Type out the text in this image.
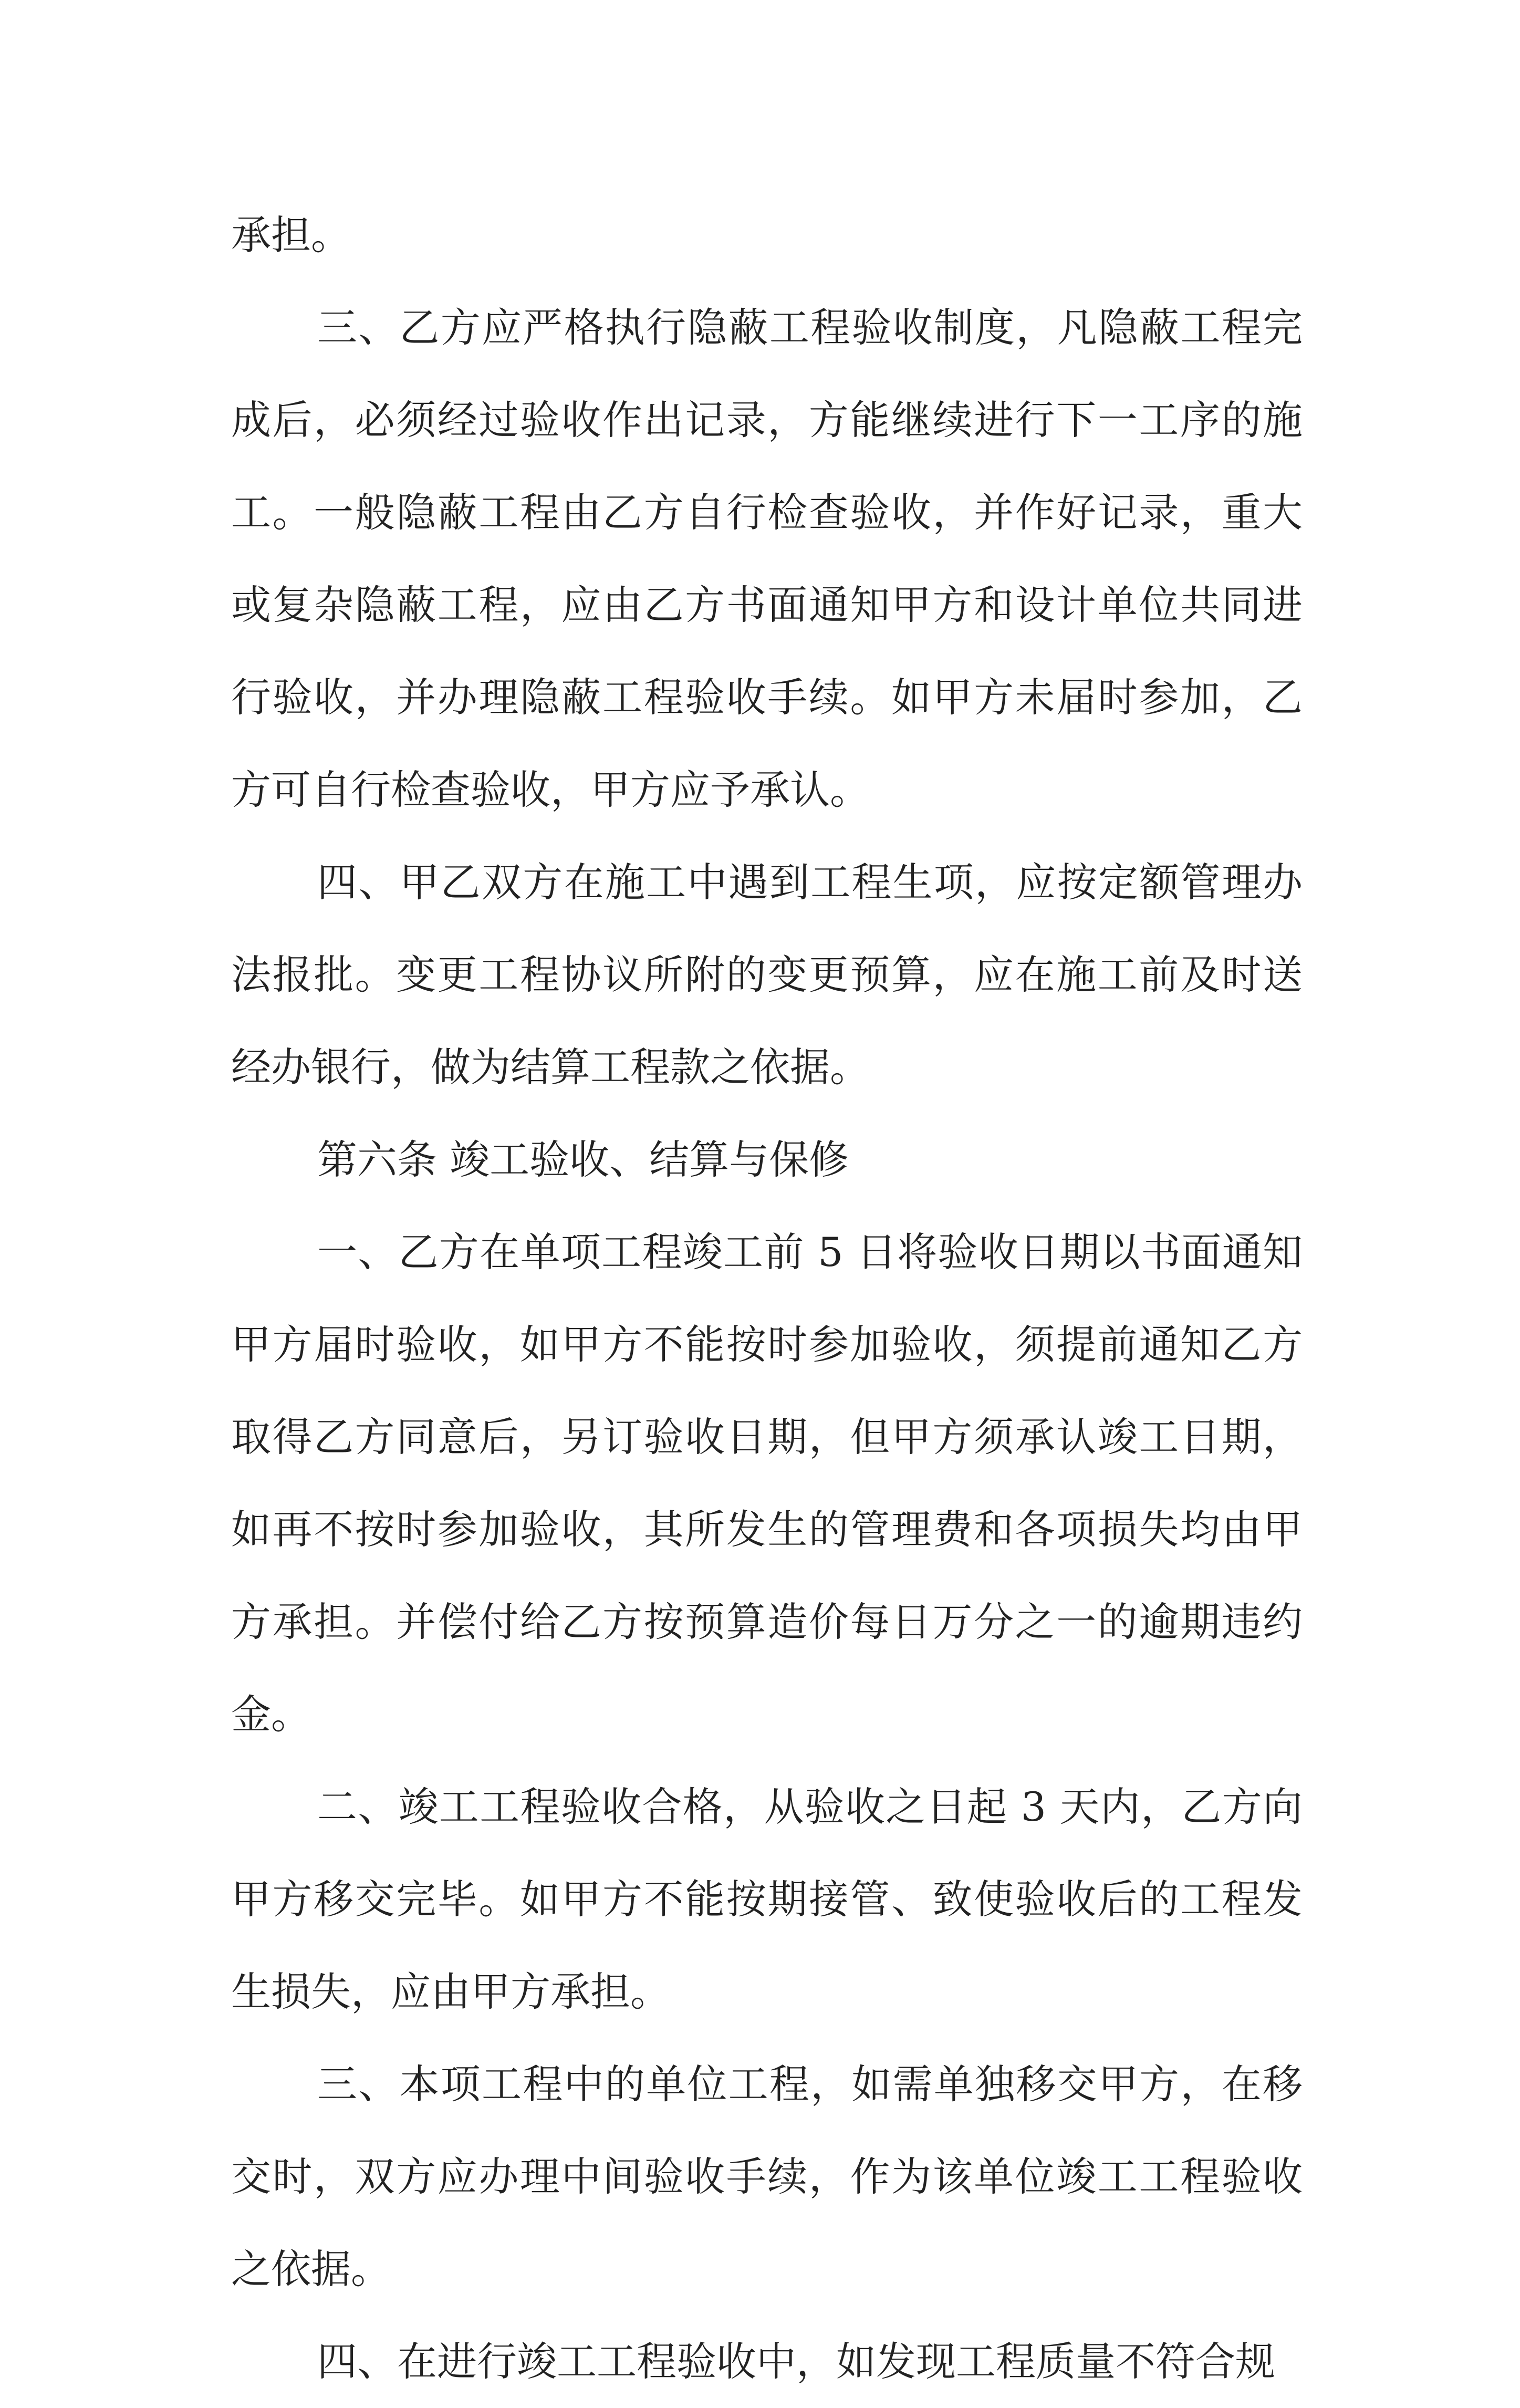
承担。

三、乙方应严格执行隐蔽工程验收制度，凡隐蔽工程完成后，必须经过验收作出记录，方能继续进行下一工序的施工。一般隐蔽工程由乙方自行检查验收，并作好记录，重大或复杂隐蔽工程，应由乙方书面通知甲方和设计单位共同进行验收，并办理隐蔽工程验收手续。如甲方未届时参加，乙方可自行检查验收，甲方应予承认。

四、甲乙双方在施工中遇到工程生项，应按定额管理办法报批。变更工程协议所附的变更预算，应在施工前及时送经办银行，做为结算工程款之依据。

第六条 竣工验收、结算与保修

一、乙方在单项工程竣工前 5 日将验收日期以书面通知甲方届时验收，如甲方不能按时参加验收，须提前通知乙方取得乙方同意后，另订验收日期，但甲方须承认竣工日期，如再不按时参加验收，其所发生的管理费和各项损失均由甲方承担。并偿付给乙方按预算造价每日万分之一的逾期违约金。

二、竣工工程验收合格，从验收之日起 3 天内，乙方向甲方移交完毕。如甲方不能按期接管、致使验收后的工程发生损失，应由甲方承担。

三、本项工程中的单位工程，如需单独移交甲方，在移交时，双方应办理中间验收手续，作为该单位竣工工程验收之依据。

四、在进行竣工工程验收中，如发现工程质量不符合规
